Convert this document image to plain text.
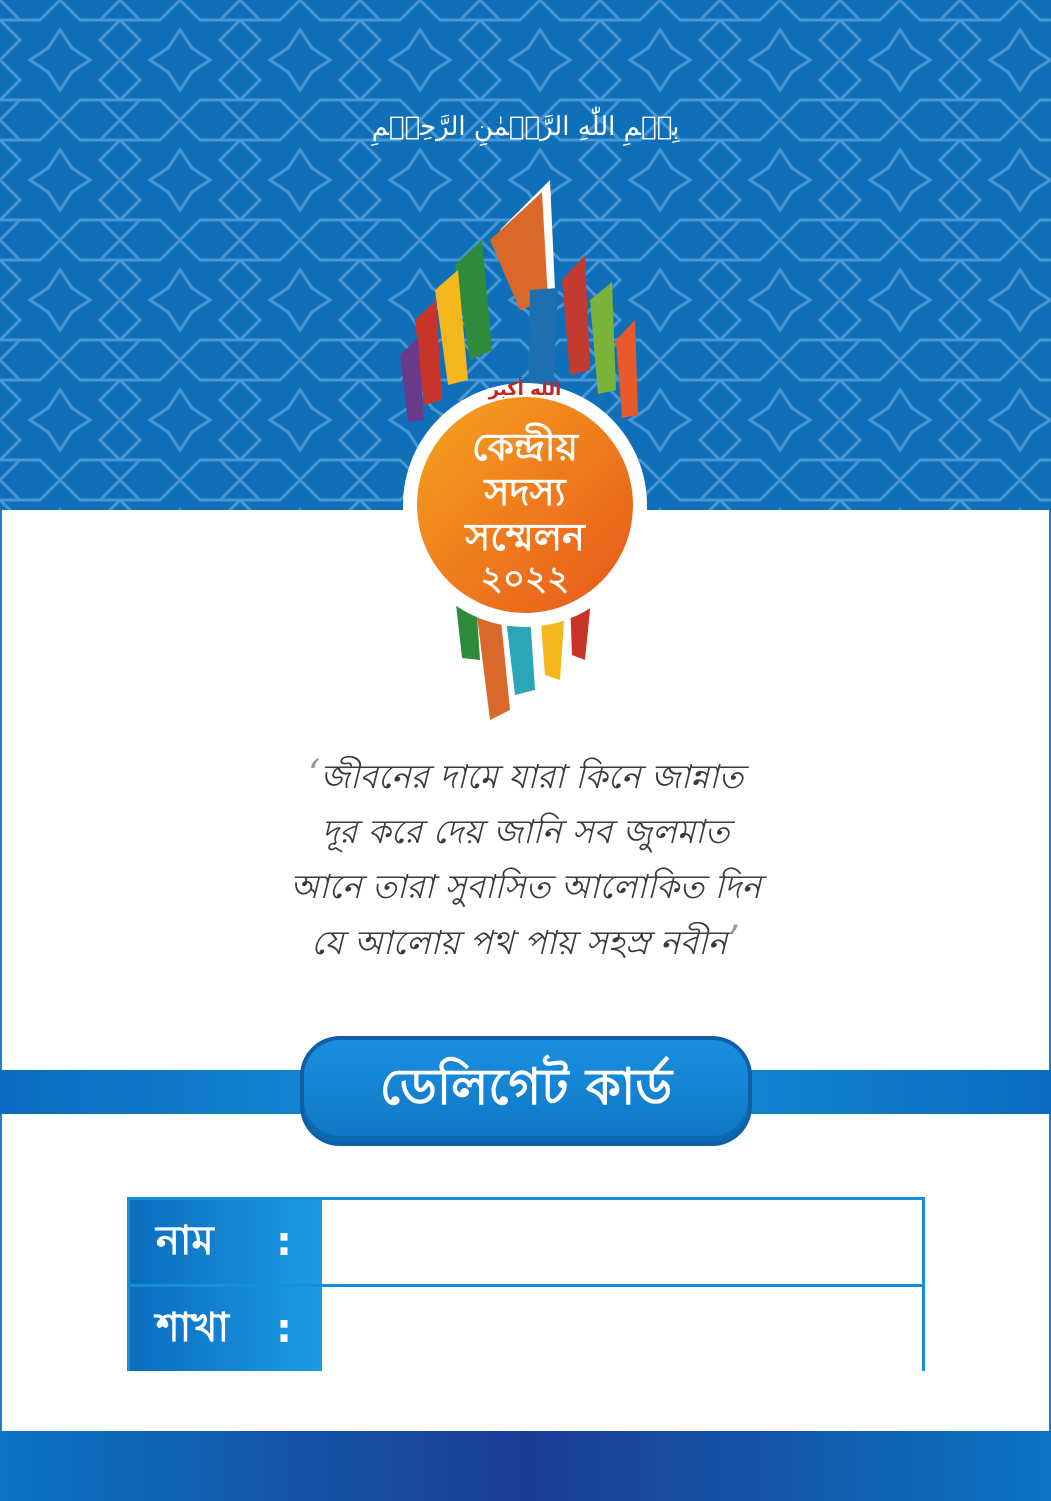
بِسۡمِ اللّٰهِ الرَّحۡمٰنِ الرَّحِیۡمِ
الله أكبر
কেন্দ্রীয়
সদস্য
সম্মেলন
২০২২
‘জীবনের দামে যারা কিনে জান্নাত
দূর করে দেয় জানি সব জুলমাত
আনে তারা সুবাসিত আলোকিত দিন
যে আলোয় পথ পায় সহস্র নবীন’
ডেলিগেট কার্ড
নাম :
শাখা :
